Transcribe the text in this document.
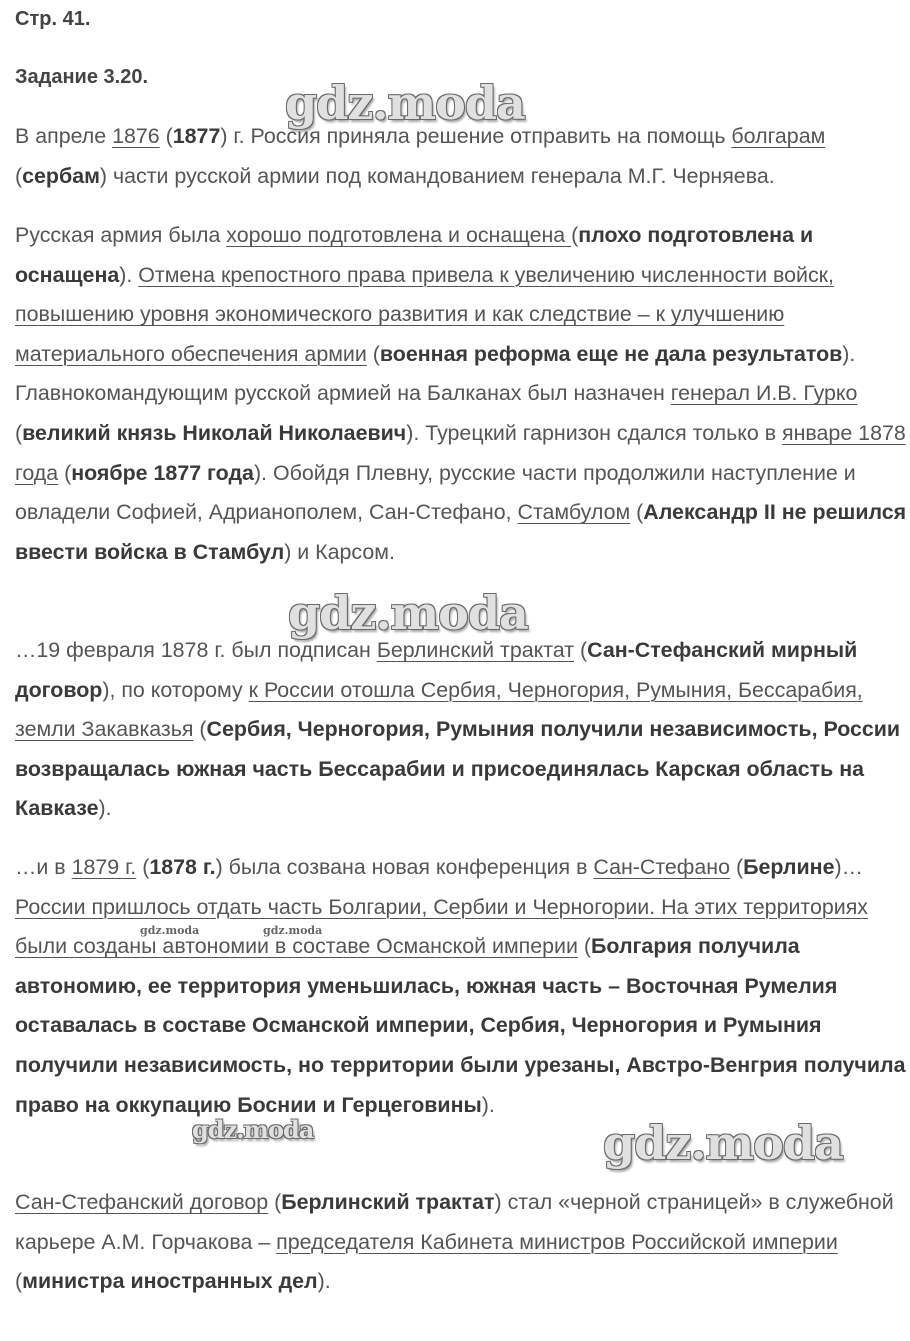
Стр. 41.

Задание 3.20.

В апреле 1876 (1877) г. Россия приняла решение отправить на помощь болгарам (сербам) части русской армии под командованием генерала М.Г. Черняева.

Русская армия была хорошо подготовлена и оснащена (плохо подготовлена и оснащена). Отмена крепостного права привела к увеличению численности войск, повышению уровня экономического развития и как следствие – к улучшению материального обеспечения армии (военная реформа еще не дала результатов). Главнокомандующим русской армией на Балканах был назначен генерал И.В. Гурко (великий князь Николай Николаевич). Турецкий гарнизон сдался только в январе 1878 года (ноябре 1877 года). Обойдя Плевну, русские части продолжили наступление и овладели Софией, Адрианополем, Сан-Стефано, Стамбулом (Александр II не решился ввести войска в Стамбул) и Карсом.

…19 февраля 1878 г. был подписан Берлинский трактат (Сан-Стефанский мирный договор), по которому к России отошла Сербия, Черногория, Румыния, Бессарабия, земли Закавказья (Сербия, Черногория, Румыния получили независимость, России возвращалась южная часть Бессарабии и присоединялась Карская область на Кавказе).

…и в 1879 г. (1878 г.) была созвана новая конференция в Сан-Стефано (Берлине)… России пришлось отдать часть Болгарии, Сербии и Черногории. На этих территориях были созданы автономии в составе Османской империи (Болгария получила автономию, ее территория уменьшилась, южная часть – Восточная Румелия оставалась в составе Османской империи, Сербия, Черногория и Румыния получили независимость, но территории были урезаны, Австро-Венгрия получила право на оккупацию Боснии и Герцеговины).

Сан-Стефанский договор (Берлинский трактат) стал «черной страницей» в служебной карьере А.М. Горчакова – председателя Кабинета министров Российской империи (министра иностранных дел).

gdz.moda
gdz.moda
gdz.moda	gdz.moda
gdz.moda	gdz.moda
